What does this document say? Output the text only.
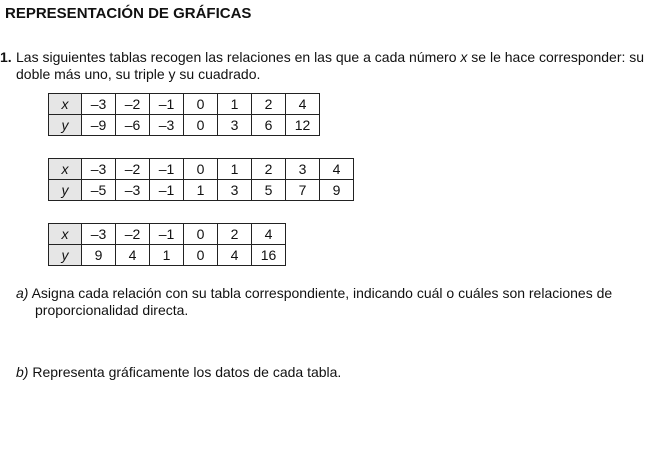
REPRESENTACIÓN DE GRÁFICAS
1. Las siguientes tablas recogen las relaciones en las que a cada número x se le hace corresponder: su
doble más uno, su triple y su cuadrado.
x	–3	–2	–1	0	1	2	4
y	–9	–6	–3	0	3	6	12
x	–3	–2	–1	0	1	2	3	4
y	–5	–3	–1	1	3	5	7	9
x	–3	–2	–1	0	2	4
y	9	4	1	0	4	16
a) Asigna cada relación con su tabla correspondiente, indicando cuál o cuáles son relaciones de
proporcionalidad directa.
b) Representa gráficamente los datos de cada tabla.
